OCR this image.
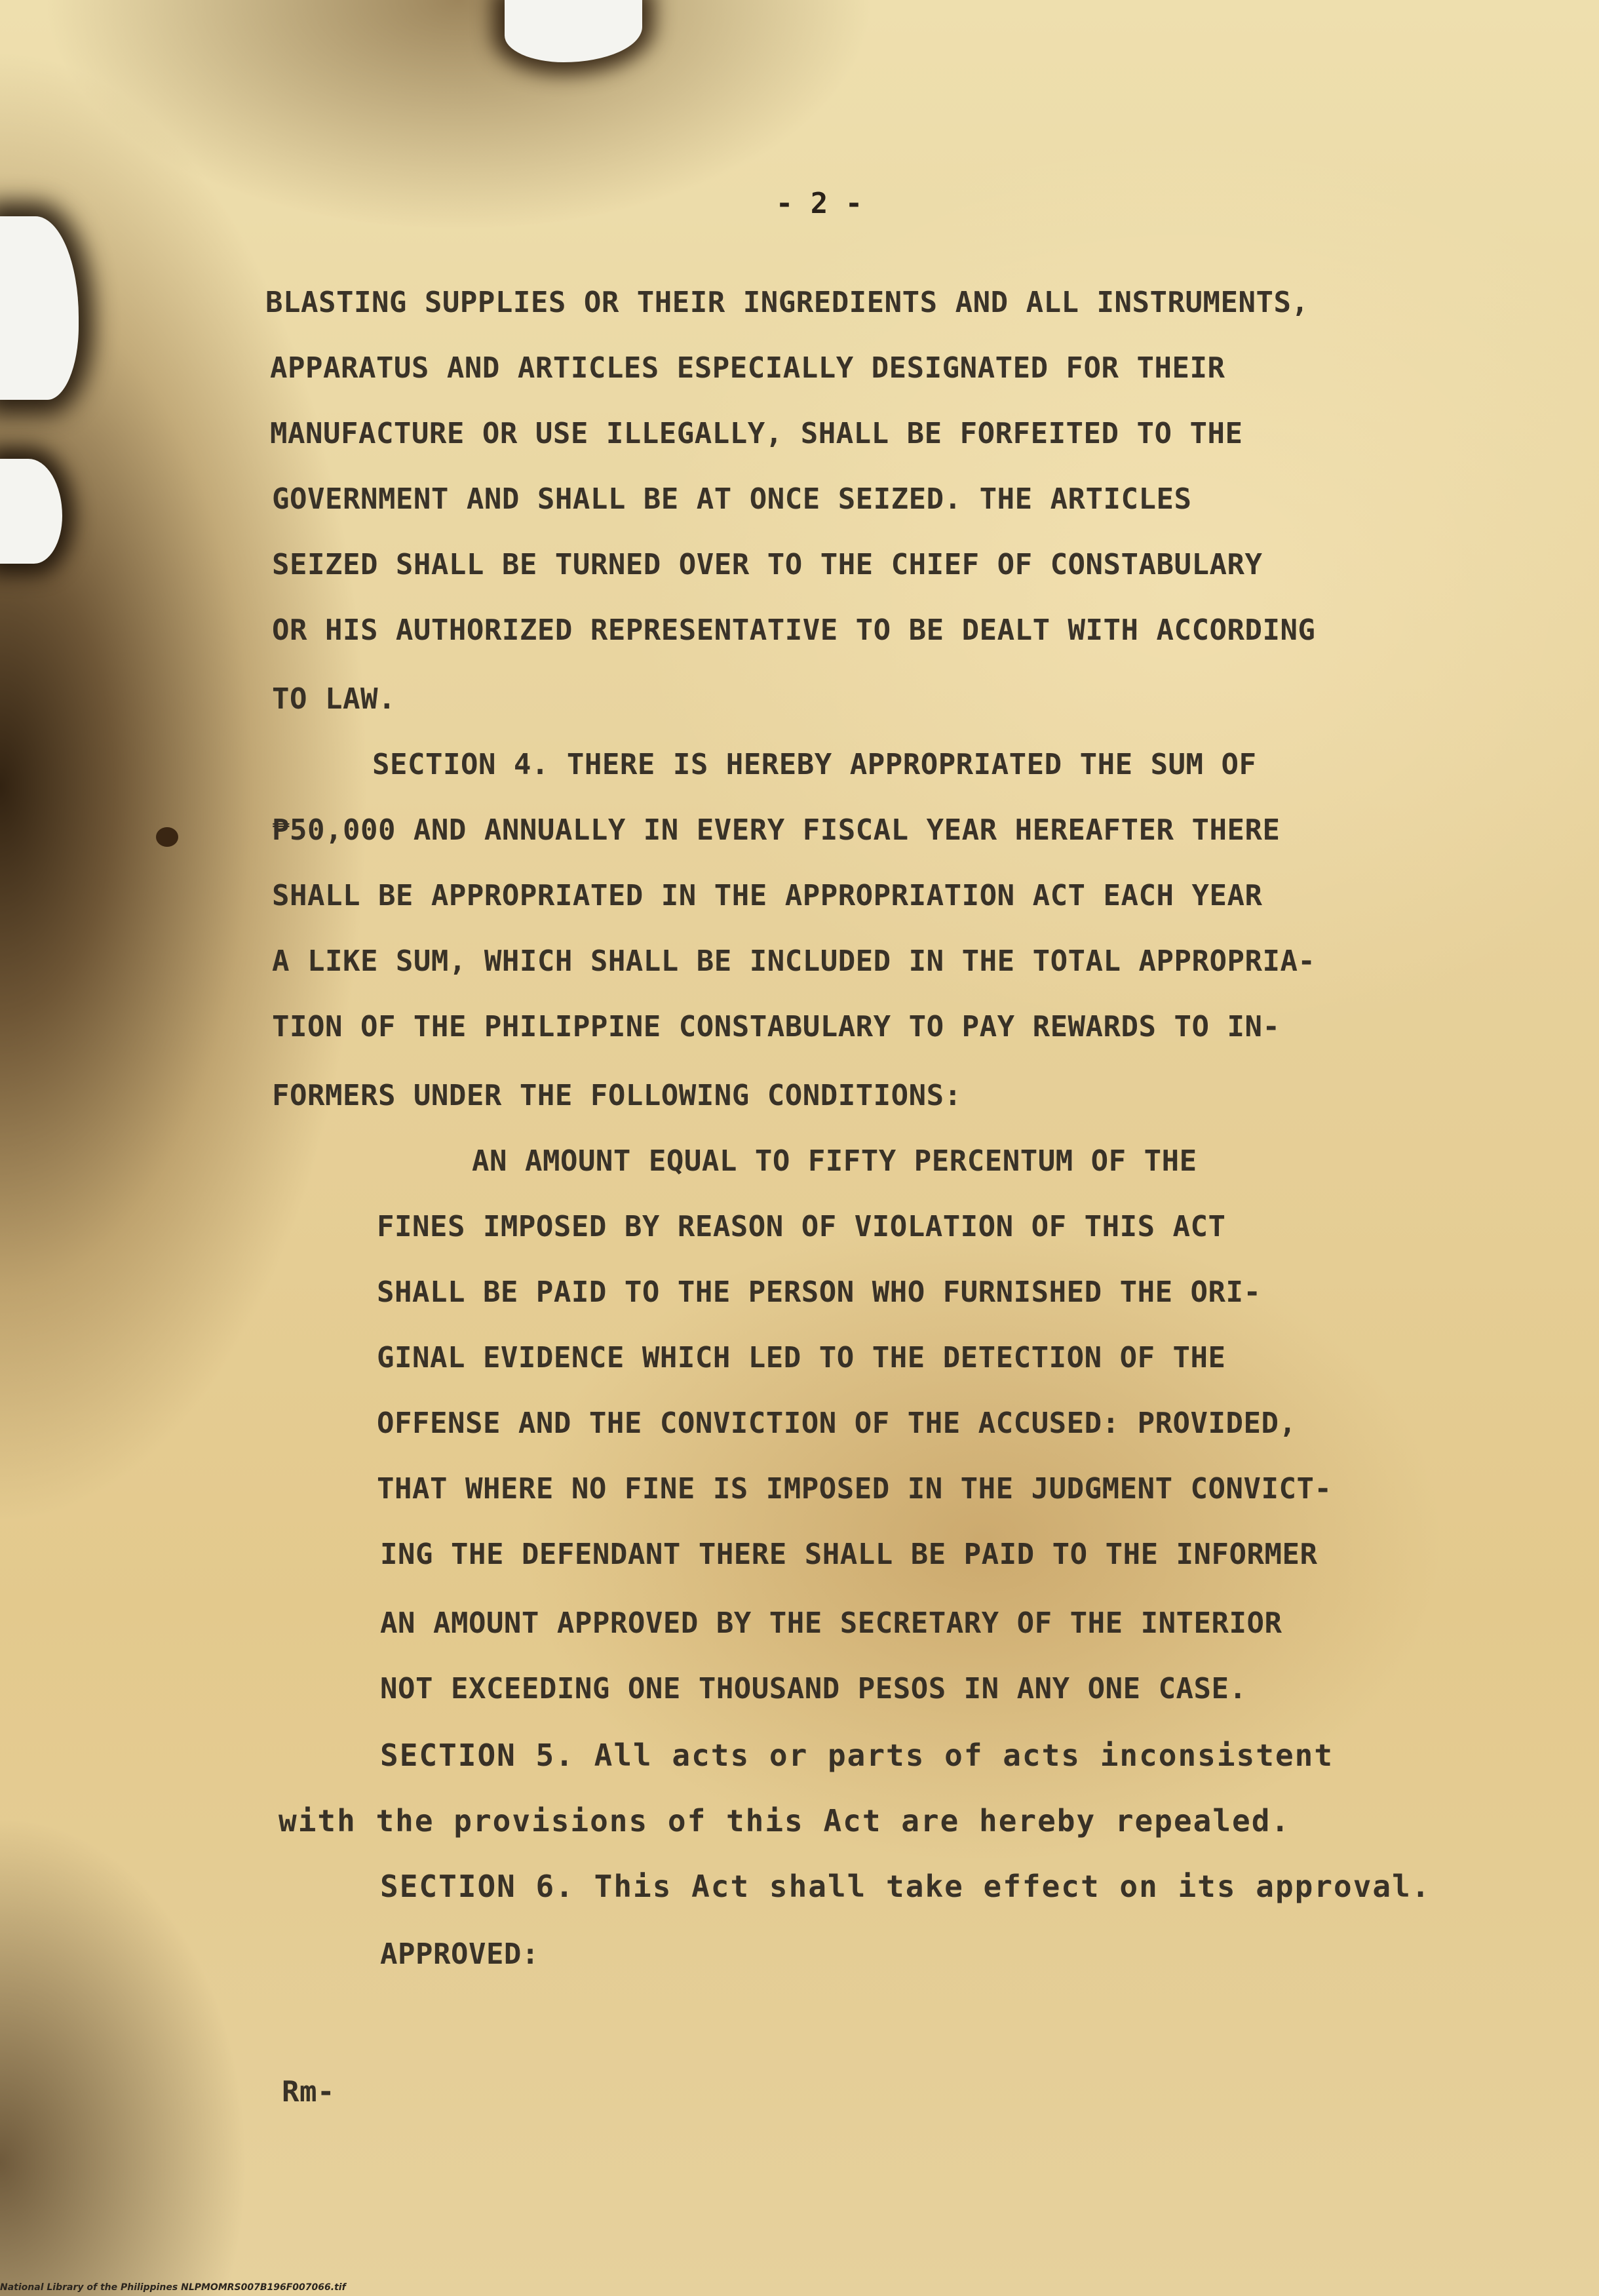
- 2 -
BLASTING SUPPLIES OR THEIR INGREDIENTS AND ALL INSTRUMENTS,
APPARATUS AND ARTICLES ESPECIALLY DESIGNATED FOR THEIR
MANUFACTURE OR USE ILLEGALLY, SHALL BE FORFEITED TO THE
GOVERNMENT AND SHALL BE AT ONCE SEIZED. THE ARTICLES
SEIZED SHALL BE TURNED OVER TO THE CHIEF OF CONSTABULARY
OR HIS AUTHORIZED REPRESENTATIVE TO BE DEALT WITH ACCORDING
TO LAW.
SECTION 4. THERE IS HEREBY APPROPRIATED THE SUM OF
₱50,000 AND ANNUALLY IN EVERY FISCAL YEAR HEREAFTER THERE
SHALL BE APPROPRIATED IN THE APPROPRIATION ACT EACH YEAR
A LIKE SUM, WHICH SHALL BE INCLUDED IN THE TOTAL APPROPRIA-
TION OF THE PHILIPPINE CONSTABULARY TO PAY REWARDS TO IN-
FORMERS UNDER THE FOLLOWING CONDITIONS:
AN AMOUNT EQUAL TO FIFTY PERCENTUM OF THE
FINES IMPOSED BY REASON OF VIOLATION OF THIS ACT
SHALL BE PAID TO THE PERSON WHO FURNISHED THE ORI-
GINAL EVIDENCE WHICH LED TO THE DETECTION OF THE
OFFENSE AND THE CONVICTION OF THE ACCUSED: PROVIDED,
THAT WHERE NO FINE IS IMPOSED IN THE JUDGMENT CONVICT-
ING THE DEFENDANT THERE SHALL BE PAID TO THE INFORMER
AN AMOUNT APPROVED BY THE SECRETARY OF THE INTERIOR
NOT EXCEEDING ONE THOUSAND PESOS IN ANY ONE CASE.
SECTION 5. All acts or parts of acts inconsistent
with the provisions of this Act are hereby repealed.
SECTION 6. This Act shall take effect on its approval.
APPROVED:
Rm-
National Library of the Philippines NLPMOMRS007B196F007066.tif
